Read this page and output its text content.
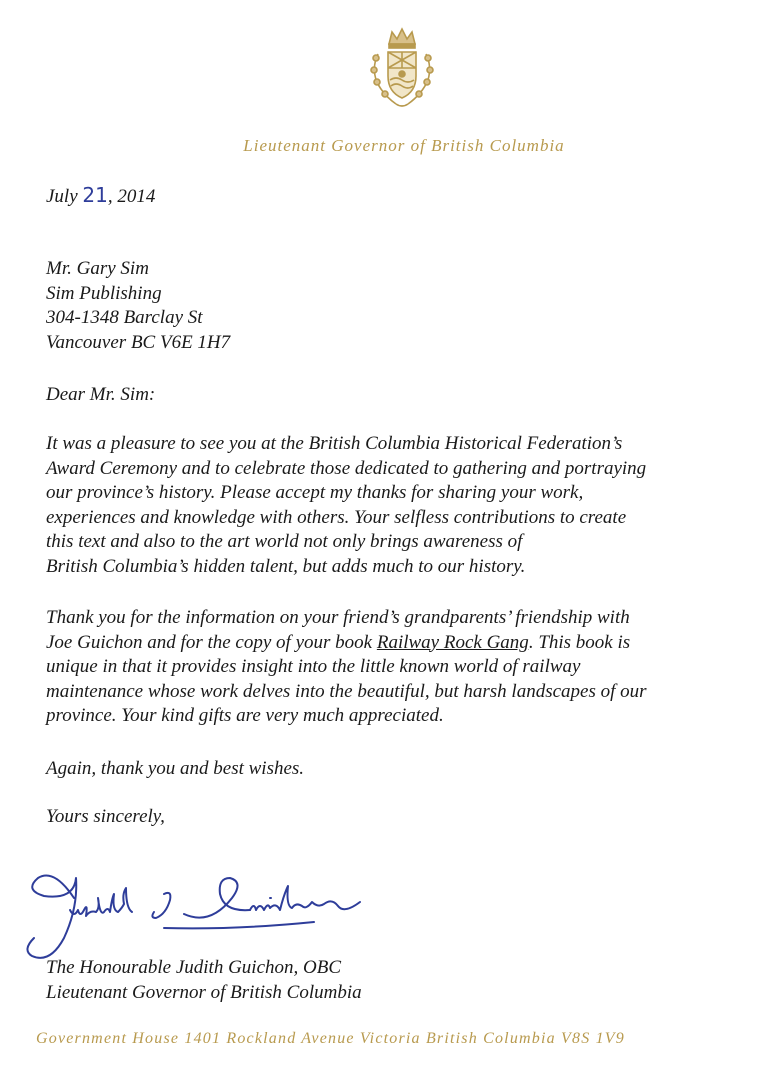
Lieutenant Governor of British Columbia
July 21, 2014
Mr. Gary Sim
Sim Publishing
304-1348 Barclay St
Vancouver BC V6E 1H7
Dear Mr. Sim:
It was a pleasure to see you at the British Columbia Historical Federation’s
Award Ceremony and to celebrate those dedicated to gathering and portraying
our province’s history. Please accept my thanks for sharing your work,
experiences and knowledge with others. Your selfless contributions to create
this text and also to the art world not only brings awareness of
British Columbia’s hidden talent, but adds much to our history.
Thank you for the information on your friend’s grandparents’ friendship with
Joe Guichon and for the copy of your book Railway Rock Gang. This book is
unique in that it provides insight into the little known world of railway
maintenance whose work delves into the beautiful, but harsh landscapes of our
province. Your kind gifts are very much appreciated.
Again, thank you and best wishes.
Yours sincerely,
The Honourable Judith Guichon, OBC
Lieutenant Governor of British Columbia
Government House 1401 Rockland Avenue Victoria British Columbia V8S 1V9
